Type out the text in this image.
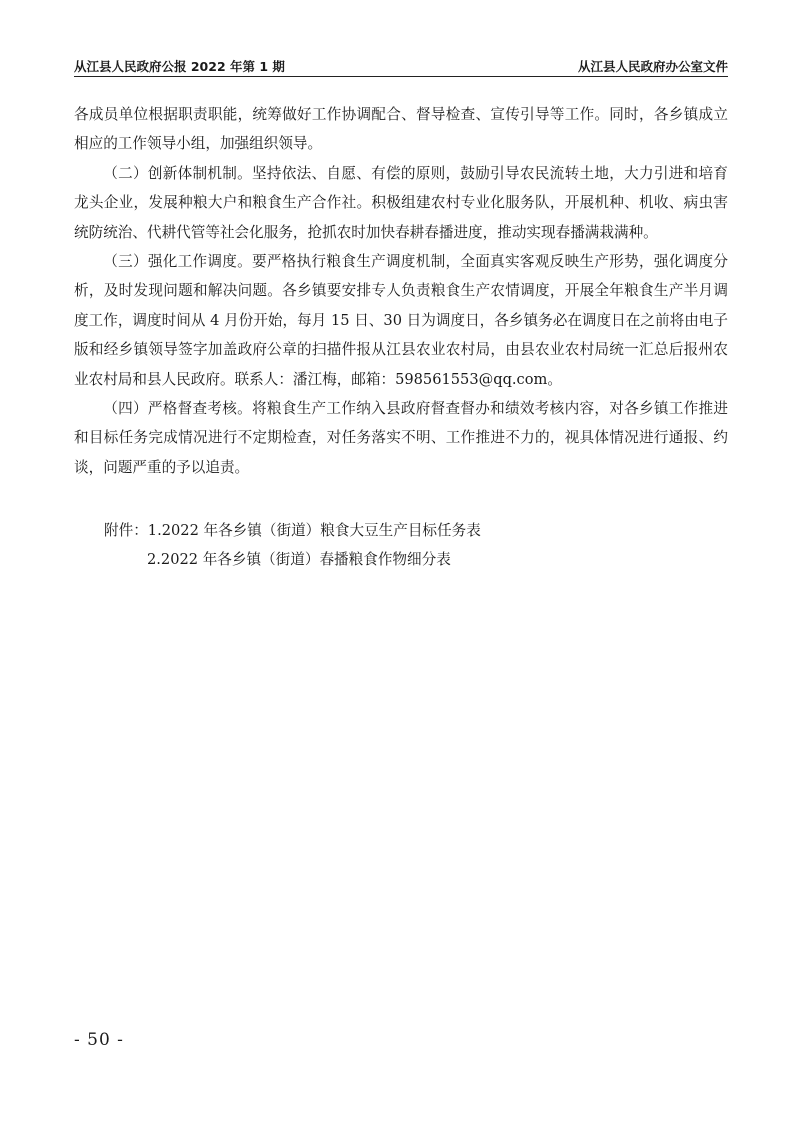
从江县人民政府公报 2022 年第 1 期	从江县人民政府办公室文件

各成员单位根据职责职能，统筹做好工作协调配合、督导检查、宣传引导等工作。同时，各乡镇成立相应的工作领导小组，加强组织领导。

（二）创新体制机制。坚持依法、自愿、有偿的原则，鼓励引导农民流转土地，大力引进和培育龙头企业，发展种粮大户和粮食生产合作社。积极组建农村专业化服务队，开展机种、机收、病虫害统防统治、代耕代管等社会化服务，抢抓农时加快春耕春播进度，推动实现春播满栽满种。

（三）强化工作调度。要严格执行粮食生产调度机制，全面真实客观反映生产形势，强化调度分析，及时发现问题和解决问题。各乡镇要安排专人负责粮食生产农情调度，开展全年粮食生产半月调度工作，调度时间从 4 月份开始，每月 15 日、30 日为调度日，各乡镇务必在调度日在之前将由电子版和经乡镇领导签字加盖政府公章的扫描件报从江县农业农村局，由县农业农村局统一汇总后报州农业农村局和县人民政府。联系人：潘江梅，邮箱：598561553@qq.com。

（四）严格督查考核。将粮食生产工作纳入县政府督查督办和绩效考核内容，对各乡镇工作推进和目标任务完成情况进行不定期检查，对任务落实不明、工作推进不力的，视具体情况进行通报、约谈，问题严重的予以追责。

附件：1.2022 年各乡镇（街道）粮食大豆生产目标任务表
2.2022 年各乡镇（街道）春播粮食作物细分表
- 50 -
